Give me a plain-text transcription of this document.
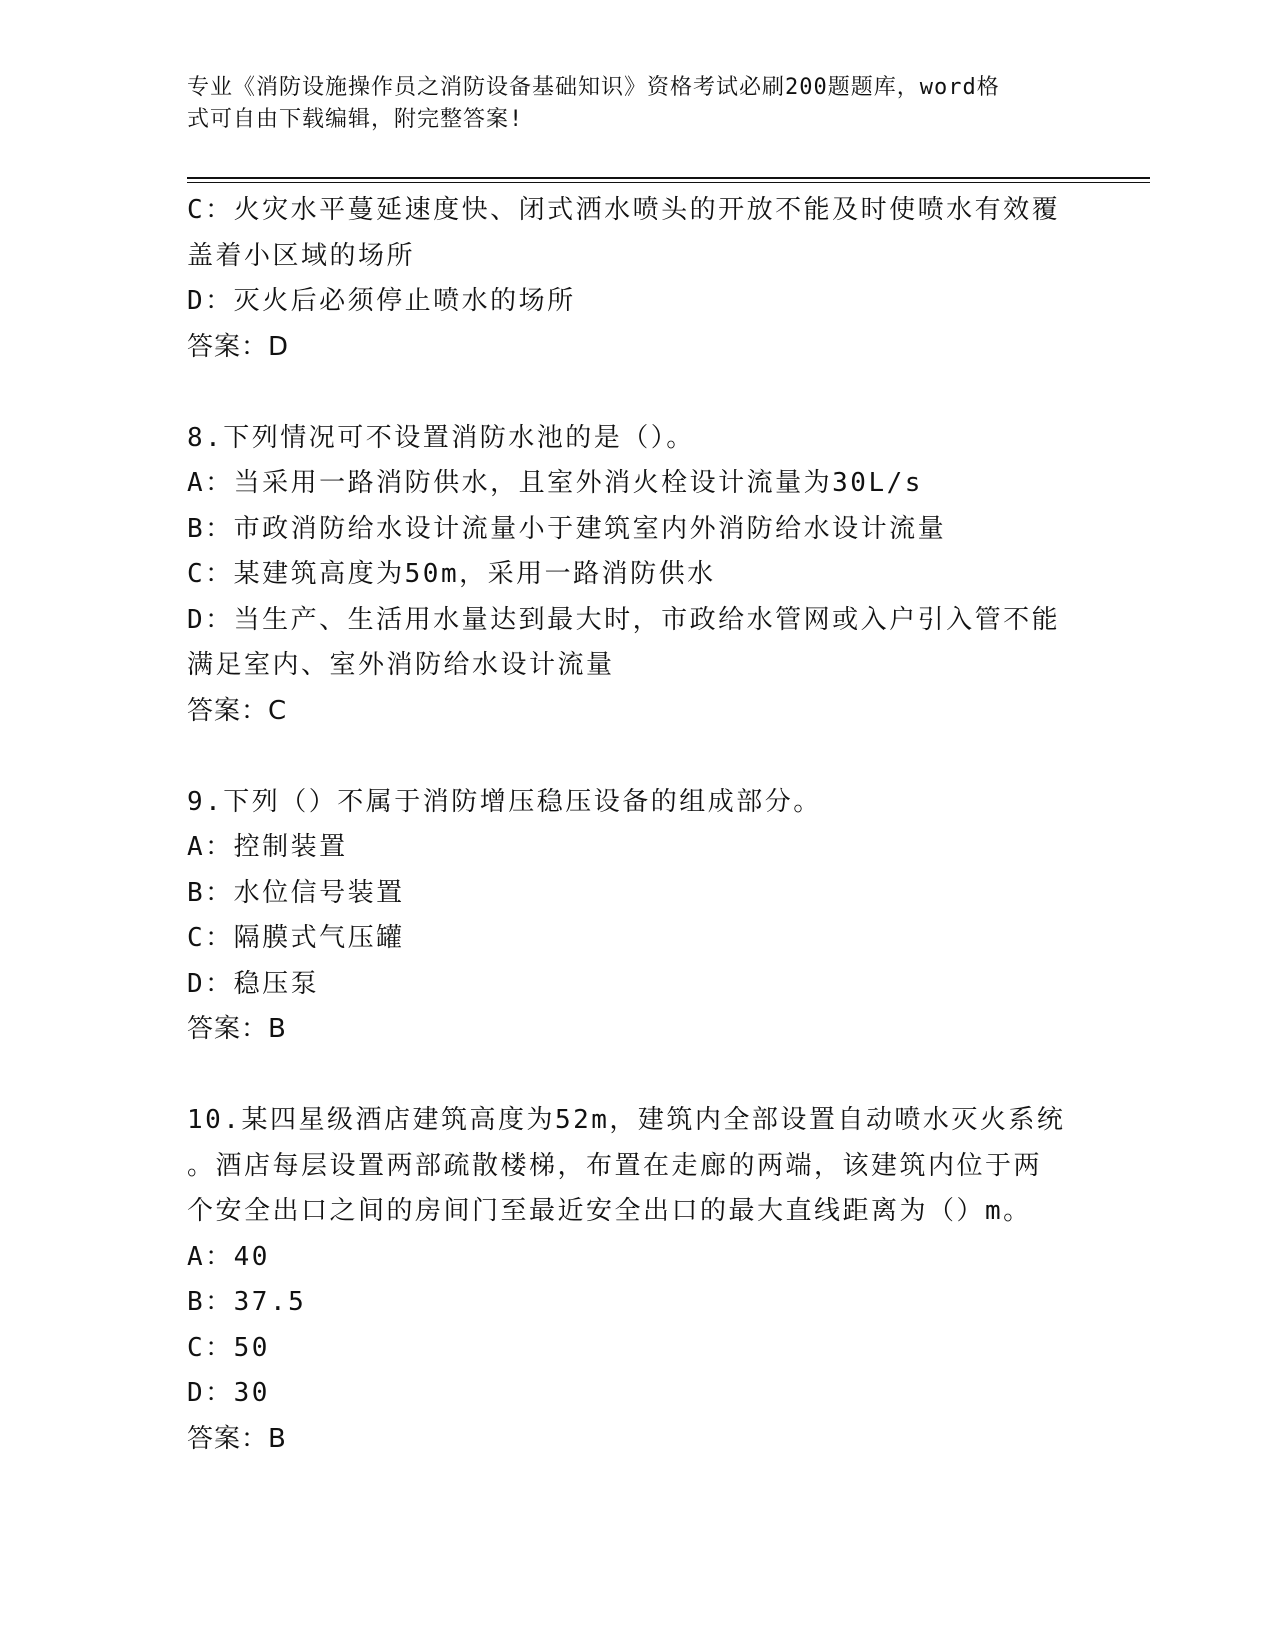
专业《消防设施操作员之消防设备基础知识》资格考试必刷200题题库，word格
式可自由下载编辑，附完整答案!
C：火灾水平蔓延速度快、闭式洒水喷头的开放不能及时使喷水有效覆
盖着小区域的场所
D：灭火后必须停止喷水的场所
答案：D
8.下列情况可不设置消防水池的是（）。
A：当采用一路消防供水，且室外消火栓设计流量为30L/s
B：市政消防给水设计流量小于建筑室内外消防给水设计流量
C：某建筑高度为50m，采用一路消防供水
D：当生产、生活用水量达到最大时，市政给水管网或入户引入管不能
满足室内、室外消防给水设计流量
答案：C
9.下列（）不属于消防增压稳压设备的组成部分。
A：控制装置
B：水位信号装置
C：隔膜式气压罐
D：稳压泵
答案：B
10.某四星级酒店建筑高度为52m，建筑内全部设置自动喷水灭火系统
。酒店每层设置两部疏散楼梯，布置在走廊的两端，该建筑内位于两
个安全出口之间的房间门至最近安全出口的最大直线距离为（）m。
A：40
B：37.5
C：50
D：30
答案：B
